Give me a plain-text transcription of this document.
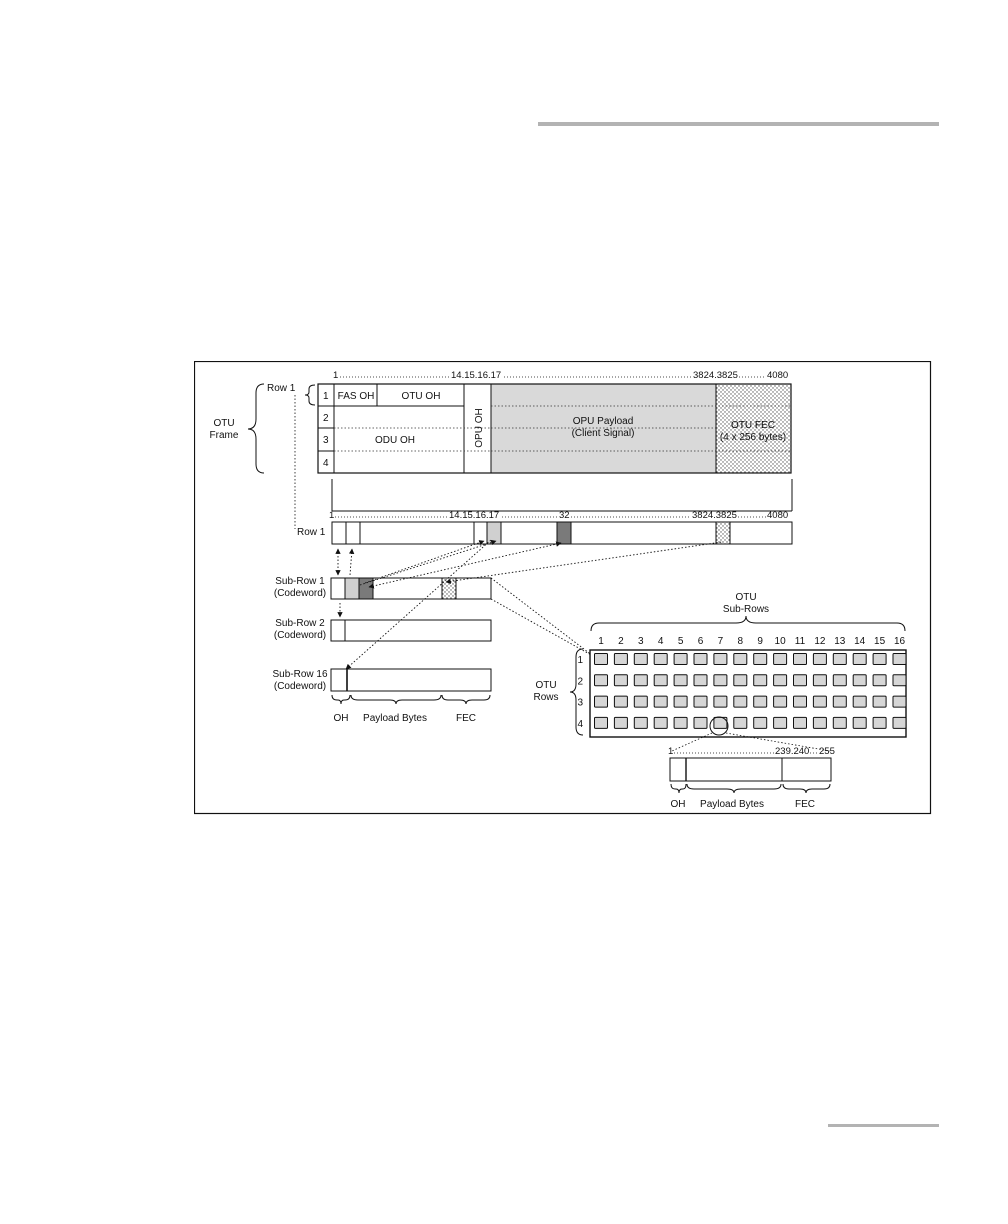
1	14.15.16.17	3824.3825	4080
1
2
3
4
FAS OH	OTU OH
ODU OH	OPU OH	OPU Payload
(Client Signal)
OTU FEC
(4 x 256 bytes)
Row 1
OTU
Frame
1	14.15.16.17	32	3824.3825	4080
Row 1
Sub-Row 1
(Codeword)
Sub-Row 2
(Codeword)
Sub-Row 16
(Codeword)
OH Payload Bytes	FEC
OTU
Sub-Rows
OTU
Rows
1 2 3 4 5 6 7 8 9 10 11 12 13 14 15 16
1
2
3
4
1	239.240 255
OH Payload Bytes	FEC
